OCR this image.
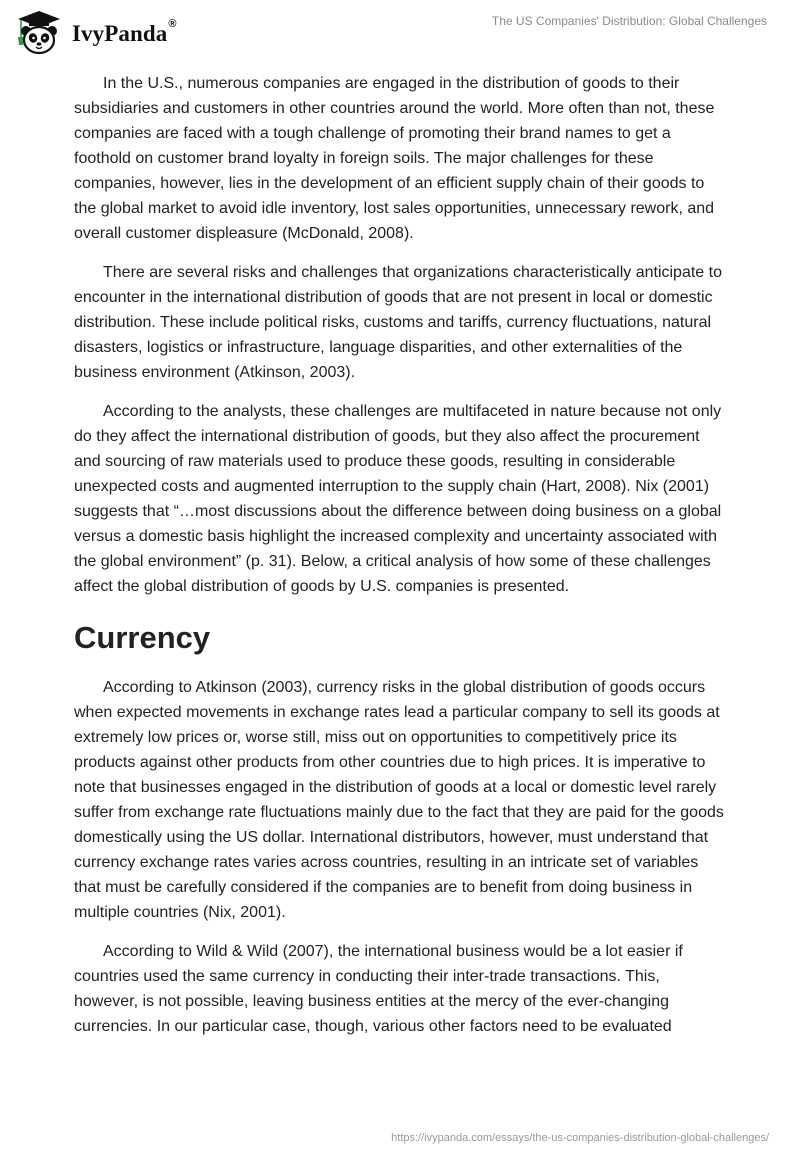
IvyPanda®	The US Companies' Distribution: Global Challenges

In the U.S., numerous companies are engaged in the distribution of goods to their subsidiaries and customers in other countries around the world. More often than not, these companies are faced with a tough challenge of promoting their brand names to get a foothold on customer brand loyalty in foreign soils. The major challenges for these companies, however, lies in the development of an efficient supply chain of their goods to the global market to avoid idle inventory, lost sales opportunities, unnecessary rework, and overall customer displeasure (McDonald, 2008).

There are several risks and challenges that organizations characteristically anticipate to encounter in the international distribution of goods that are not present in local or domestic distribution. These include political risks, customs and tariffs, currency fluctuations, natural disasters, logistics or infrastructure, language disparities, and other externalities of the business environment (Atkinson, 2003).

According to the analysts, these challenges are multifaceted in nature because not only do they affect the international distribution of goods, but they also affect the procurement and sourcing of raw materials used to produce these goods, resulting in considerable unexpected costs and augmented interruption to the supply chain (Hart, 2008). Nix (2001) suggests that “…most discussions about the difference between doing business on a global versus a domestic basis highlight the increased complexity and uncertainty associated with the global environment” (p. 31). Below, a critical analysis of how some of these challenges affect the global distribution of goods by U.S. companies is presented.

Currency

According to Atkinson (2003), currency risks in the global distribution of goods occurs when expected movements in exchange rates lead a particular company to sell its goods at extremely low prices or, worse still, miss out on opportunities to competitively price its products against other products from other countries due to high prices. It is imperative to note that businesses engaged in the distribution of goods at a local or domestic level rarely suffer from exchange rate fluctuations mainly due to the fact that they are paid for the goods domestically using the US dollar. International distributors, however, must understand that currency exchange rates varies across countries, resulting in an intricate set of variables that must be carefully considered if the companies are to benefit from doing business in multiple countries (Nix, 2001).

According to Wild & Wild (2007), the international business would be a lot easier if countries used the same currency in conducting their inter-trade transactions. This, however, is not possible, leaving business entities at the mercy of the ever-changing currencies. In our particular case, though, various other factors need to be evaluated

https://ivypanda.com/essays/the-us-companies-distribution-global-challenges/
